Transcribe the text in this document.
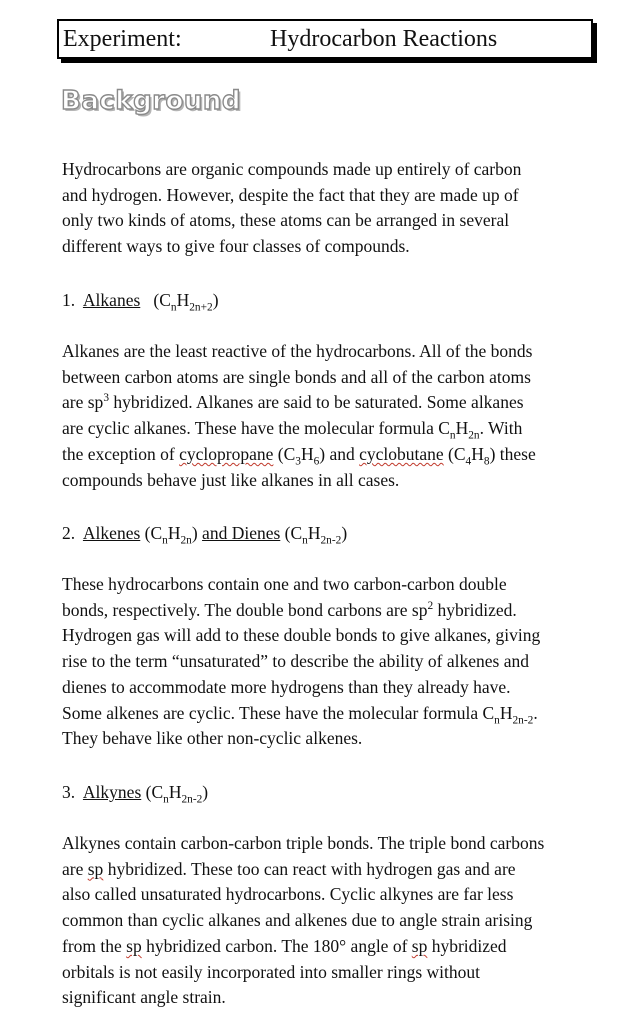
Experiment:	Hydrocarbon Reactions
Background
Hydrocarbons are organic compounds made up entirely of carbon
and hydrogen. However, despite the fact that they are made up of
only two kinds of atoms, these atoms can be arranged in several
different ways to give four classes of compounds.
1. Alkanes $(C_nH_{2n+2})$
Alkanes are the least reactive of the hydrocarbons. All of the bonds
between carbon atoms are single bonds and all of the carbon atoms
are $sp^3$ hybridized. Alkanes are said to be saturated. Some alkanes
are cyclic alkanes. These have the molecular formula $C_nH_{2n}$. With
the exception of cyclopropane $(C_3H_6)$ and cyclobutane $(C_4H_8)$ these
compounds behave just like alkanes in all cases.
2. Alkenes $(C_nH_{2n})$ and Dienes $(C_nH_{2n-2})$
These hydrocarbons contain one and two carbon-carbon double
bonds, respectively. The double bond carbons are $sp^2$ hybridized.
Hydrogen gas will add to these double bonds to give alkanes, giving
rise to the term “unsaturated” to describe the ability of alkenes and
dienes to accommodate more hydrogens than they already have.
Some alkenes are cyclic. These have the molecular formula $C_nH_{2n-2}$.
They behave like other non-cyclic alkenes.
3. Alkynes $(C_nH_{2n-2})$
Alkynes contain carbon-carbon triple bonds. The triple bond carbons
are sp hybridized. These too can react with hydrogen gas and are
also called unsaturated hydrocarbons. Cyclic alkynes are far less
common than cyclic alkanes and alkenes due to angle strain arising
from the sp hybridized carbon. The 180° angle of sp hybridized
orbitals is not easily incorporated into smaller rings without
significant angle strain.
